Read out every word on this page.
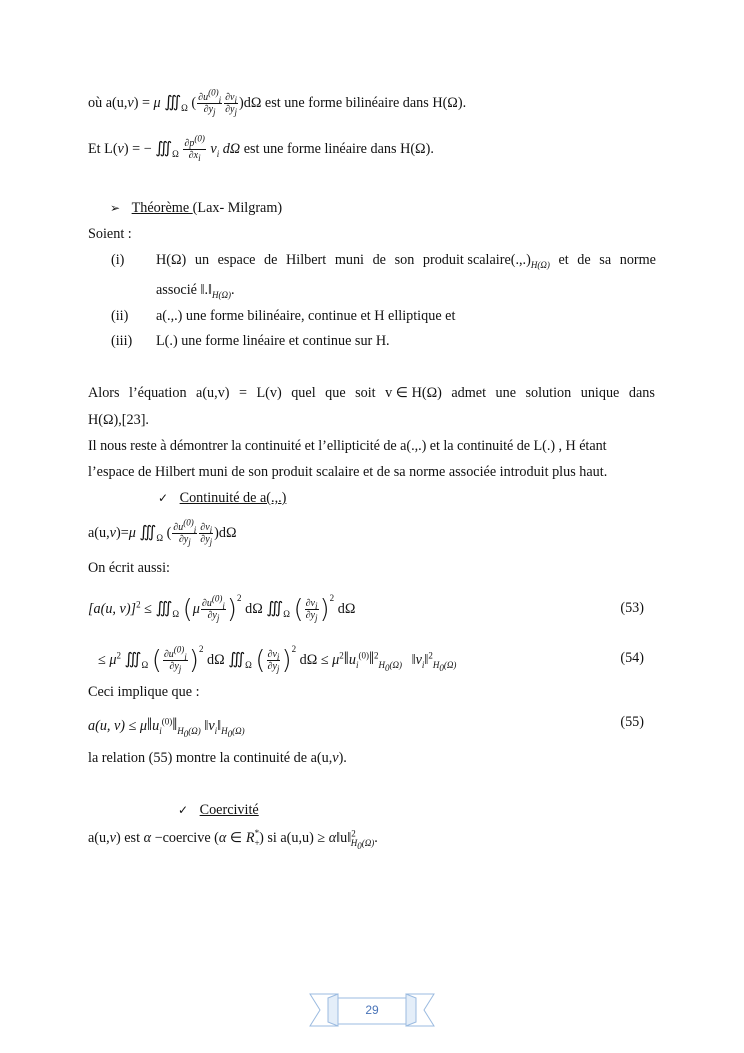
où a(u,v) = μ $∭_\Omega$ ( $\frac{\partial u^{(0)}_i}{\partial y_j} \frac{\partial v_i}{\partial y_j} )d\Omega$ est une forme bilinéaire dans H(Ω).
Et L(v) = − $∭_\Omega \frac{\partial p^{(0)}}{\partial x_i} v_i$ dΩ est une forme linéaire dans H(Ω).
➢ Théorème (Lax- Milgram)
Soient :
(i) H(Ω) un espace de Hilbert muni de son produit $scalaire(.,.)_{H(\Omega)}$ et de sa norme
associé $‖.‖_{H(\Omega)}$.
(ii) a(.,.) une forme bilinéaire, continue et H elliptique et
(iii) L(.) une forme linéaire et continue sur H.
Alors l’équation a(u,v) = L(v) quel que soit v ∈ H(Ω) admet une solution unique dans
H(Ω),[23].
Il nous reste à démontrer la continuité et l’ellipticité de a(.,.) et la continuité de L(.) , H étant
l’espace de Hilbert muni de son produit scalaire et de sa norme associée introduit plus haut.
✓ Continuité de a(.,.)
a(u,v)=μ $∭_\Omega$ ( $\frac{\partial u^{(0)}_i}{\partial y_j} \frac{\partial v_i}{\partial y_j} )d\Omega$
On écrit aussi:
[a(u, $v)]^2 \le ∭_\Omega$ $(\mu \frac{\partial u^{(0)}_i}{\partial y_j} )^2$ dΩ $∭_\Omega$ ( $\frac{\partial v_i}{\partial y_j} )^2$ dΩ	(53)
≤ $\mu^2$ $∭_\Omega$ ( $\frac{\partial u^{(0)}_i}{\partial y_j} )^2$ dΩ $∭_\Omega$ ( $\frac{\partial v_i}{\partial y_j} )^2$ $d\Omega \le \mu^2‖u_i^{(0)}‖^2_{H_0(\Omega)}$ $‖v_i‖^2_{H_0(\Omega)}$	(54)
Ceci implique que :
a(u, $v) \le \mu‖u_i^{(0)}‖_{H_0(\Omega)}$ $‖v_i‖_{H_0(\Omega)}$
(55)
la relation (55) montre la continuité de a(u,v).
✓ Coercivité
a(u,v) est α −coercive (α ∈ $R_+^*$) si a(u,u) ≥ α‖u‖$^2_{H_0(\Omega)}$.
29
